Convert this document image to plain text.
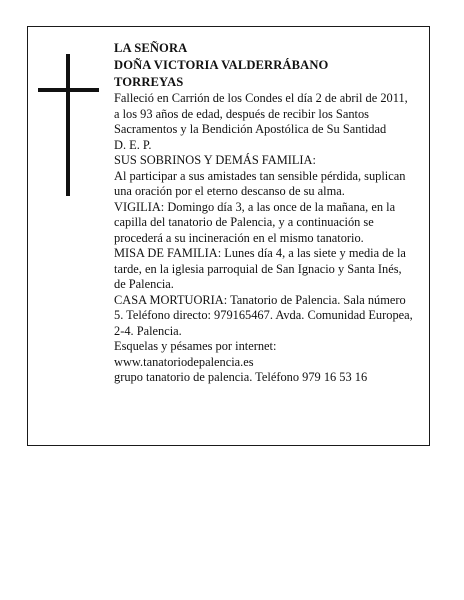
LA SEÑORA
DOÑA VICTORIA VALDERRÁBANO
TORREYAS
Falleció en Carrión de los Condes el día 2 de abril de 2011, a los 93 años de edad, después de recibir los Santos Sacramentos y la Bendición Apostólica de Su Santidad
D. E. P.
SUS SOBRINOS Y DEMÁS FAMILIA:
Al participar a sus amistades tan sensible pérdida, suplican una oración por el eterno descanso de su alma.
VIGILIA: Domingo día 3, a las once de la mañana, en la capilla del tanatorio de Palencia, y a continuación se procederá a su incineración en el mismo tanatorio.
MISA DE FAMILIA: Lunes día 4, a las siete y media de la tarde, en la iglesia parroquial de San Ignacio y Santa Inés, de Palencia.
CASA MORTUORIA: Tanatorio de Palencia. Sala número 5. Teléfono directo: 979165467. Avda. Comunidad Europea, 2-4. Palencia.
Esquelas y pésames por internet:
www.tanatoriodepalencia.es
grupo tanatorio de palencia. Teléfono 979 16 53 16
